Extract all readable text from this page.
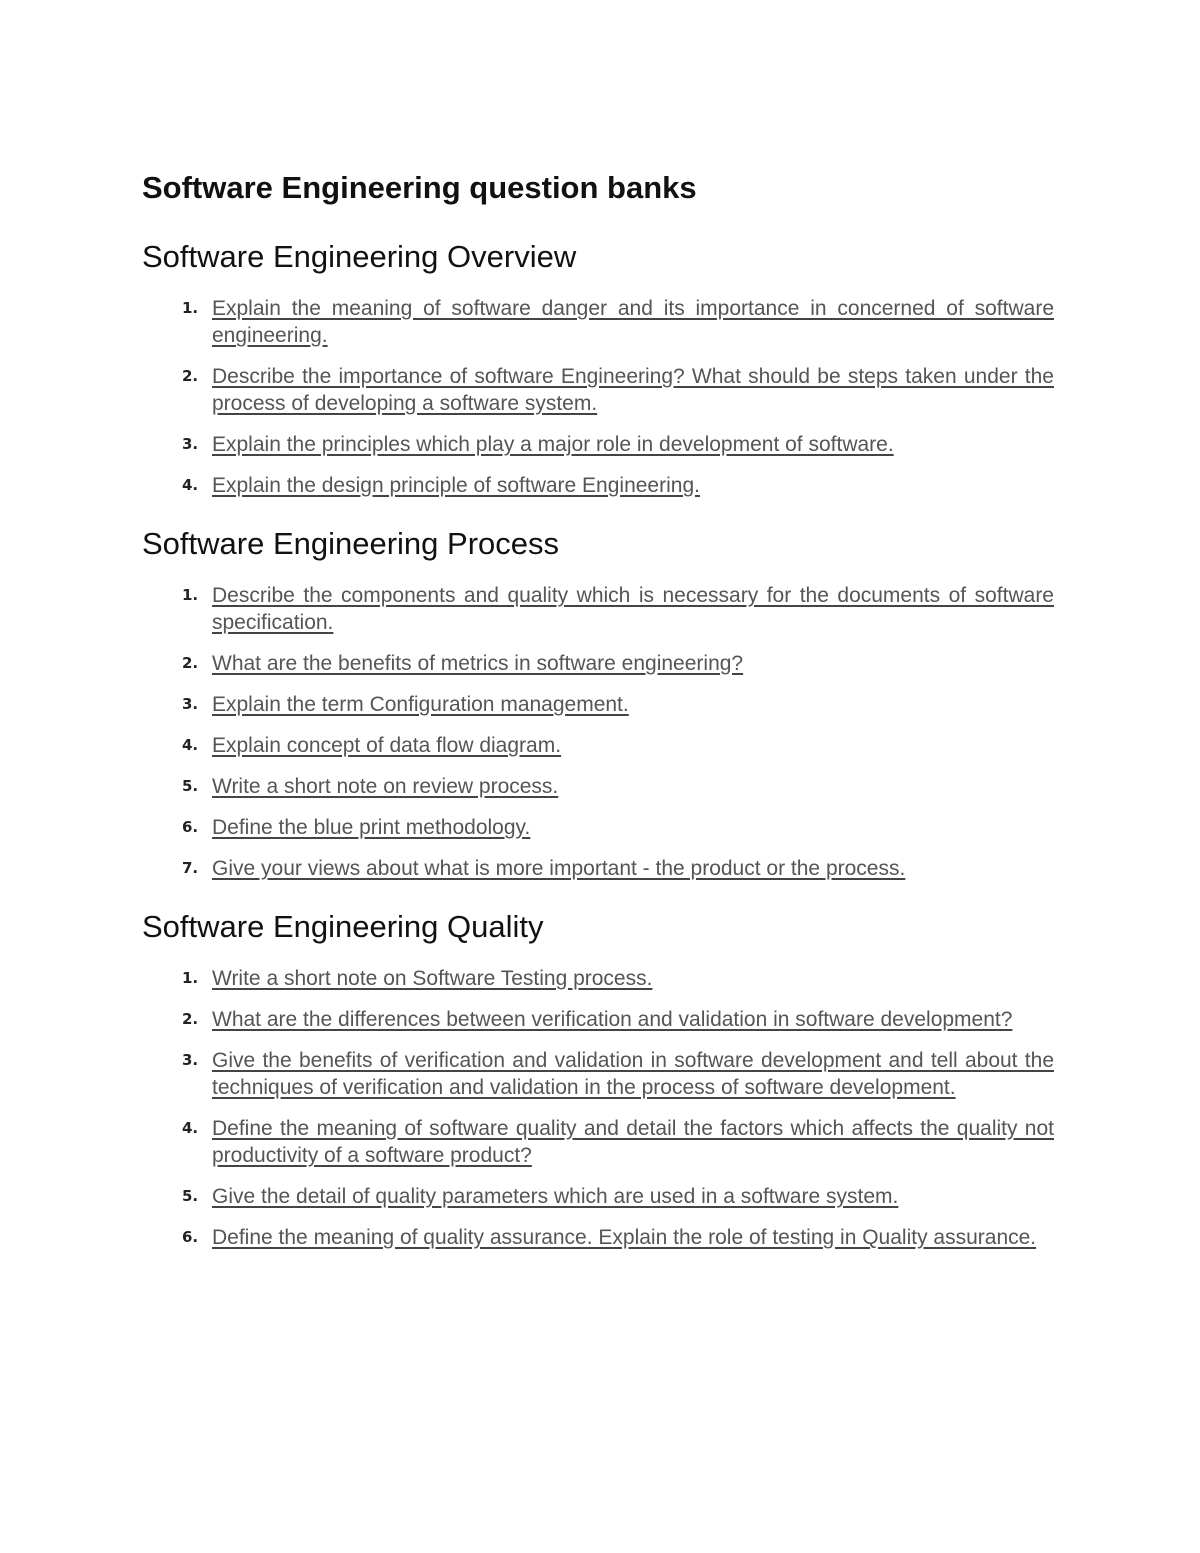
Software Engineering question banks
Software Engineering Overview
1. Explain the meaning of software danger and its importance in concerned of software engineering.
2. Describe the importance of software Engineering? What should be steps taken under the process of developing a software system.
3. Explain the principles which play a major role in development of software.
4. Explain the design principle of software Engineering.
Software Engineering Process
1. Describe the components and quality which is necessary for the documents of software specification.
2. What are the benefits of metrics in software engineering?
3. Explain the term Configuration management.
4. Explain concept of data flow diagram.
5. Write a short note on review process.
6. Define the blue print methodology.
7. Give your views about what is more important - the product or the process.
Software Engineering Quality
1. Write a short note on Software Testing process.
2. What are the differences between verification and validation in software development?
3. Give the benefits of verification and validation in software development and tell about the techniques of verification and validation in the process of software development.
4. Define the meaning of software quality and detail the factors which affects the quality not productivity of a software product?
5. Give the detail of quality parameters which are used in a software system.
6. Define the meaning of quality assurance. Explain the role of testing in Quality assurance.
